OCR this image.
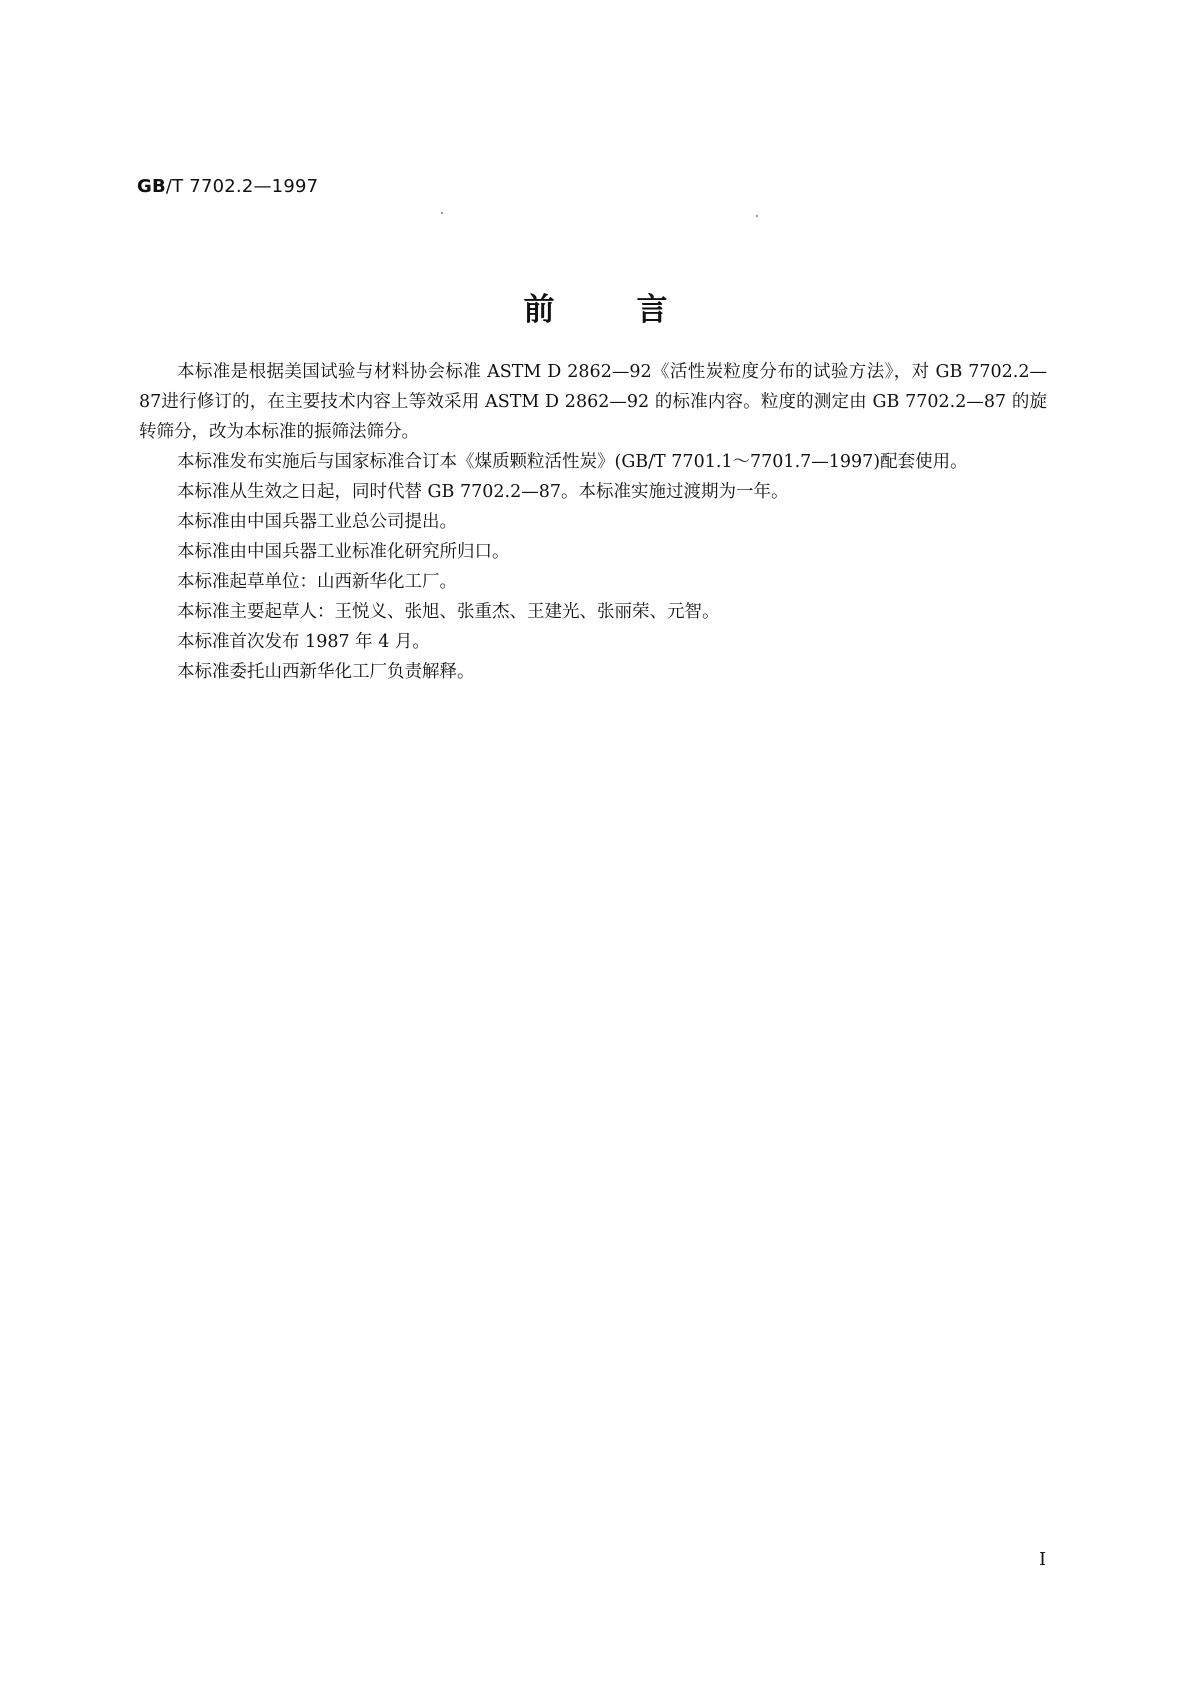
GB/T 7702.2—1997
前言

本标准是根据美国试验与材料协会标准 ASTM D 2862—92《活性炭粒度分布的试验方法》，对 GB 7702.2—87进行修订的，在主要技术内容上等效采用 ASTM D 2862—92 的标准内容。粒度的测定由 GB 7702.2—87 的旋转筛分，改为本标准的振筛法筛分。

本标准发布实施后与国家标准合订本《煤质颗粒活性炭》(GB/T 7701.1～7701.7—1997)配套使用。

本标准从生效之日起，同时代替 GB 7702.2—87。本标准实施过渡期为一年。

本标准由中国兵器工业总公司提出。

本标准由中国兵器工业标准化研究所归口。

本标准起草单位：山西新华化工厂。

本标准主要起草人：王悦义、张旭、张重杰、王建光、张丽荣、元智。

本标准首次发布 1987 年 4 月。

本标准委托山西新华化工厂负责解释。

I
